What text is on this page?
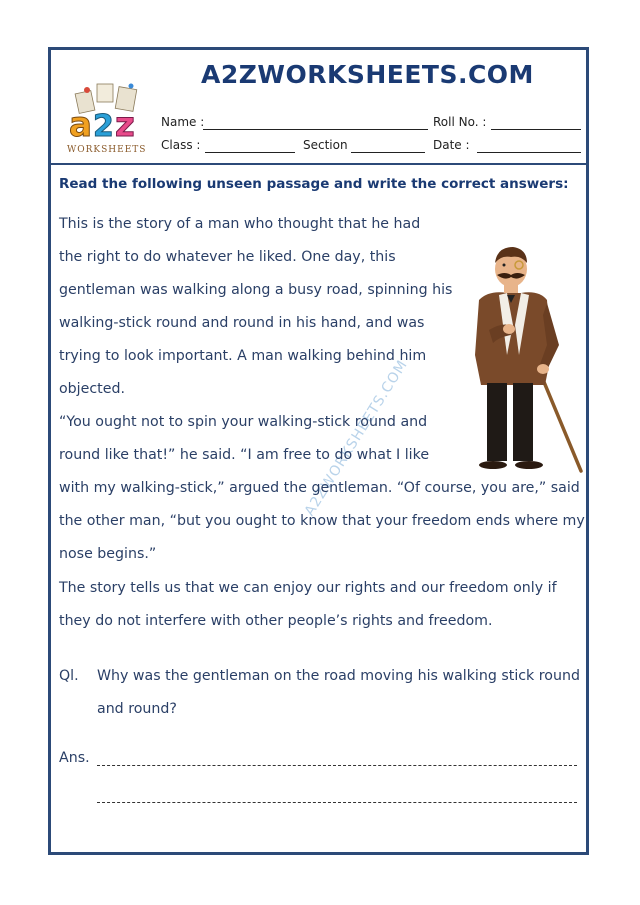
a 2 z
WORKSHEETS
A2ZWORKSHEETS.COM
Name :	Roll No. :
Class :	Section	Date :
Read the following unseen passage and write the correct answers:
A2ZWORKSHEETS.COM
This is the story of a man who thought that he had
the right to do whatever he liked. One day, this
gentleman was walking along a busy road, spinning his
walking-stick round and round in his hand, and was
trying to look important. A man walking behind him
objected.
“You ought not to spin your walking-stick round and
round like that!” he said. “I am free to do what I like
with my walking-stick,” argued the gentleman. “Of course, you are,” said
the other man, “but you ought to know that your freedom ends where my
nose begins.”
The story tells us that we can enjoy our rights and our freedom only if
they do not interfere with other people’s rights and freedom.
Ql. Why was the gentleman on the road moving his walking stick round
and round?
Ans.
